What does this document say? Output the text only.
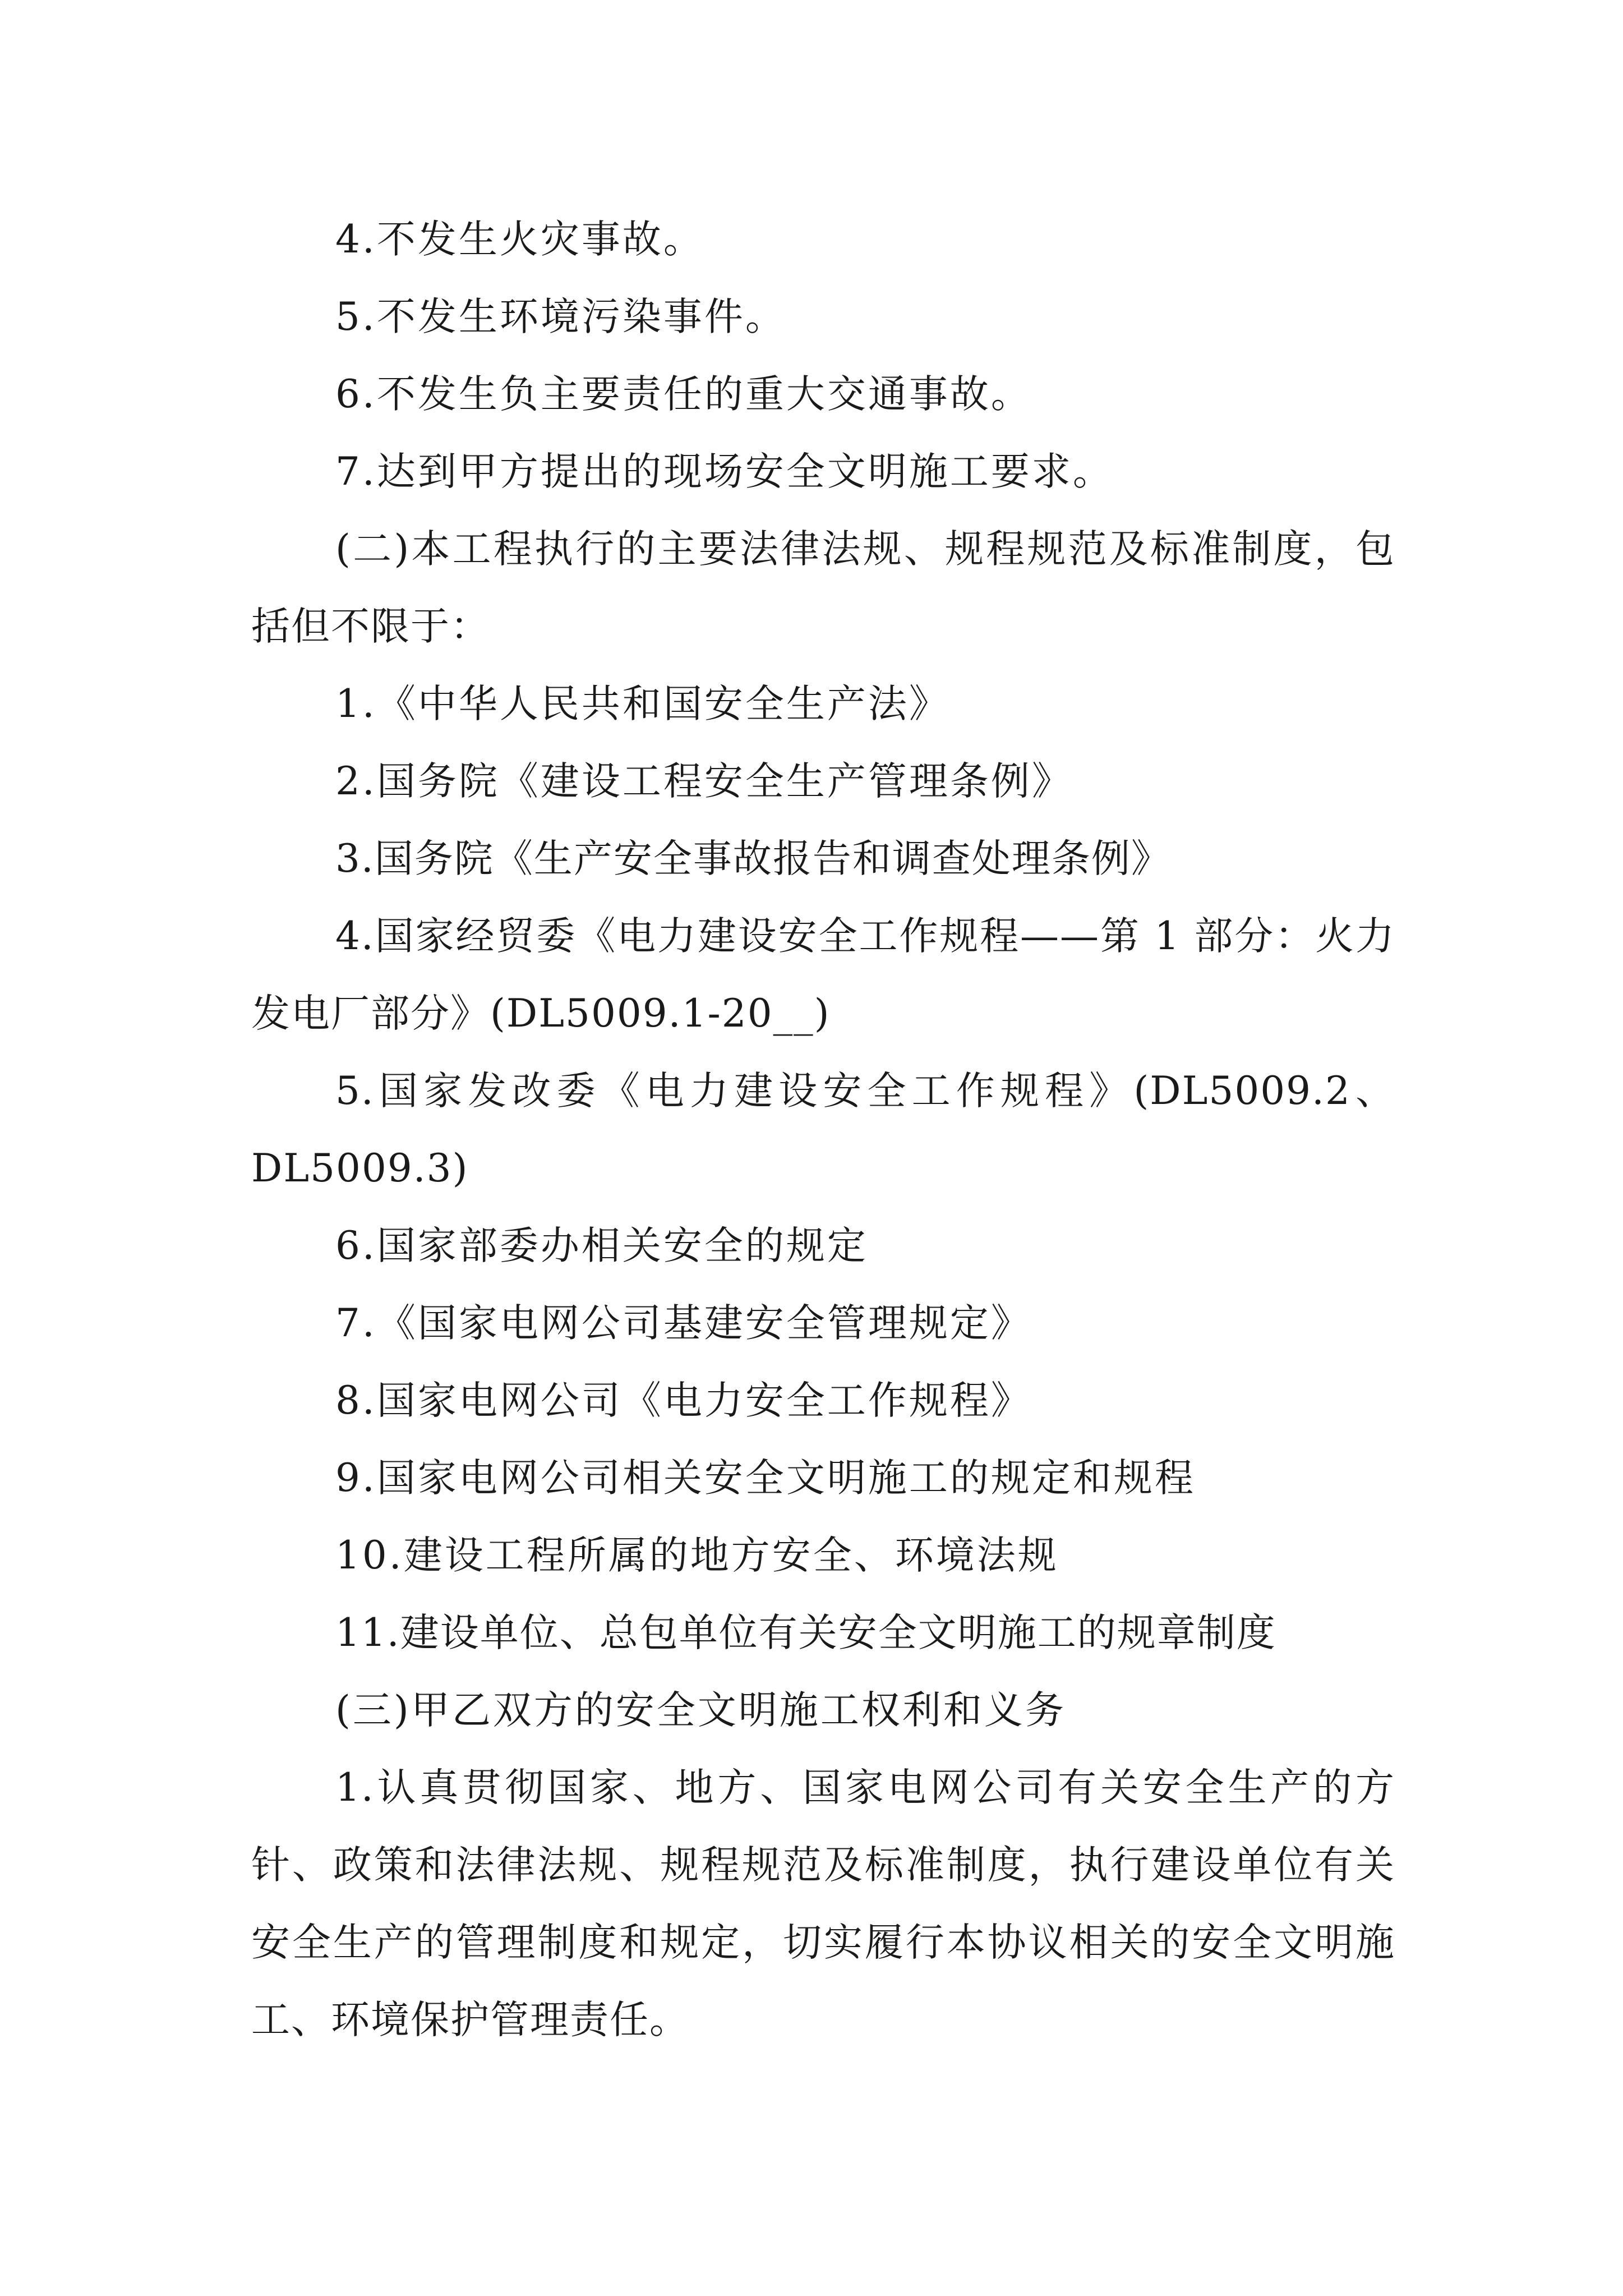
4.不发生火灾事故。

5.不发生环境污染事件。

6.不发生负主要责任的重大交通事故。

7.达到甲方提出的现场安全文明施工要求。

(二)本工程执行的主要法律法规、规程规范及标准制度，包括但不限于：

1.《中华人民共和国安全生产法》

2.国务院《建设工程安全生产管理条例》

3.国务院《生产安全事故报告和调查处理条例》

4.国家经贸委《电力建设安全工作规程——第 1 部分：火力发电厂部分》(DL5009.1-20__)

5.国家发改委《电力建设安全工作规程》(DL5009.2、DL5009.3)

6.国家部委办相关安全的规定

7.《国家电网公司基建安全管理规定》

8.国家电网公司《电力安全工作规程》

9.国家电网公司相关安全文明施工的规定和规程

10.建设工程所属的地方安全、环境法规

11.建设单位、总包单位有关安全文明施工的规章制度

(三)甲乙双方的安全文明施工权利和义务

1.认真贯彻国家、地方、国家电网公司有关安全生产的方针、政策和法律法规、规程规范及标准制度，执行建设单位有关安全生产的管理制度和规定，切实履行本协议相关的安全文明施工、环境保护管理责任。
